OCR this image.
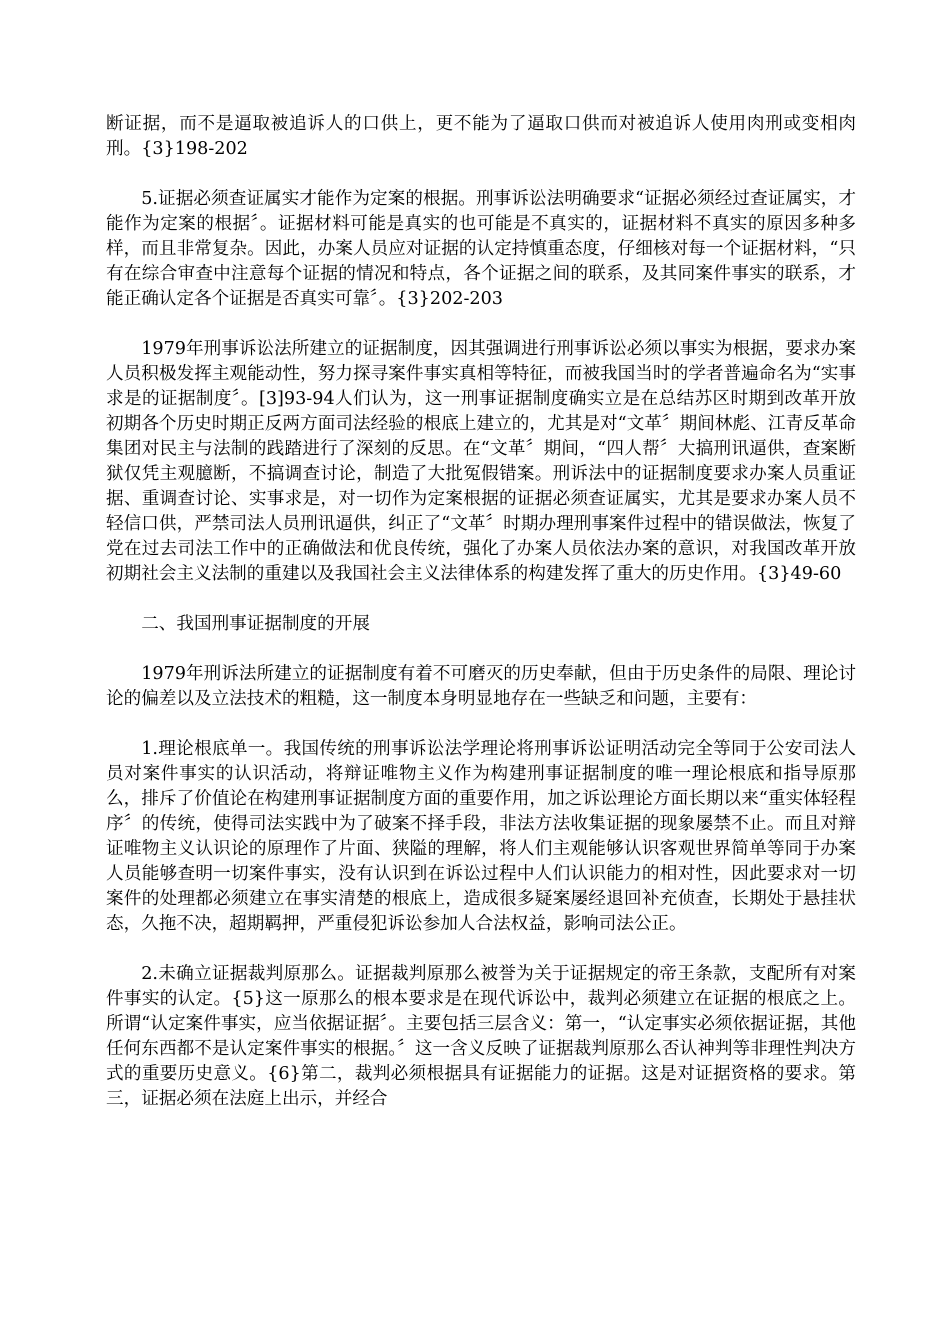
断证据，而不是逼取被追诉人的口供上，更不能为了逼取口供而对被追诉人使用肉刑或变相肉刑。{3}198-202

5.证据必须查证属实才能作为定案的根据。刑事诉讼法明确要求“证据必须经过查证属实，才能作为定案的根据〞。证据材料可能是真实的也可能是不真实的，证据材料不真实的原因多种多样，而且非常复杂。因此，办案人员应对证据的认定持慎重态度，仔细核对每一个证据材料，“只有在综合审查中注意每个证据的情况和特点，各个证据之间的联系，及其同案件事实的联系，才能正确认定各个证据是否真实可靠〞。{3}202-203

1979年刑事诉讼法所建立的证据制度，因其强调进行刑事诉讼必须以事实为根据，要求办案人员积极发挥主观能动性，努力探寻案件事实真相等特征，而被我国当时的学者普遍命名为“实事求是的证据制度〞。[3]93-94人们认为，这一刑事证据制度确实立是在总结苏区时期到改革开放初期各个历史时期正反两方面司法经验的根底上建立的，尤其是对“文革〞期间林彪、江青反革命集团对民主与法制的践踏进行了深刻的反思。在“文革〞期间，“四人帮〞大搞刑讯逼供，查案断狱仅凭主观臆断，不搞调查讨论，制造了大批冤假错案。刑诉法中的证据制度要求办案人员重证据、重调查讨论、实事求是，对一切作为定案根据的证据必须查证属实，尤其是要求办案人员不轻信口供，严禁司法人员刑讯逼供，纠正了“文革〞时期办理刑事案件过程中的错误做法，恢复了党在过去司法工作中的正确做法和优良传统，强化了办案人员依法办案的意识，对我国改革开放初期社会主义法制的重建以及我国社会主义法律体系的构建发挥了重大的历史作用。{3}49-60

二、我国刑事证据制度的开展

1979年刑诉法所建立的证据制度有着不可磨灭的历史奉献，但由于历史条件的局限、理论讨论的偏差以及立法技术的粗糙，这一制度本身明显地存在一些缺乏和问题，主要有：

1.理论根底单一。我国传统的刑事诉讼法学理论将刑事诉讼证明活动完全等同于公安司法人员对案件事实的认识活动，将辩证唯物主义作为构建刑事证据制度的唯一理论根底和指导原那么，排斥了价值论在构建刑事证据制度方面的重要作用，加之诉讼理论方面长期以来“重实体轻程序〞的传统，使得司法实践中为了破案不择手段，非法方法收集证据的现象屡禁不止。而且对辩证唯物主义认识论的原理作了片面、狭隘的理解，将人们主观能够认识客观世界简单等同于办案人员能够查明一切案件事实，没有认识到在诉讼过程中人们认识能力的相对性，因此要求对一切案件的处理都必须建立在事实清楚的根底上，造成很多疑案屡经退回补充侦查，长期处于悬挂状态，久拖不决，超期羁押，严重侵犯诉讼参加人合法权益，影响司法公正。

2.未确立证据裁判原那么。证据裁判原那么被誉为关于证据规定的帝王条款，支配所有对案件事实的认定。{5}这一原那么的根本要求是在现代诉讼中，裁判必须建立在证据的根底之上。所谓“认定案件事实，应当依据证据〞。主要包括三层含义：第一，“认定事实必须依据证据，其他任何东西都不是认定案件事实的根据。〞这一含义反映了证据裁判原那么否认神判等非理性判决方式的重要历史意义。{6}第二，裁判必须根据具有证据能力的证据。这是对证据资格的要求。第三，证据必须在法庭上出示，并经合
